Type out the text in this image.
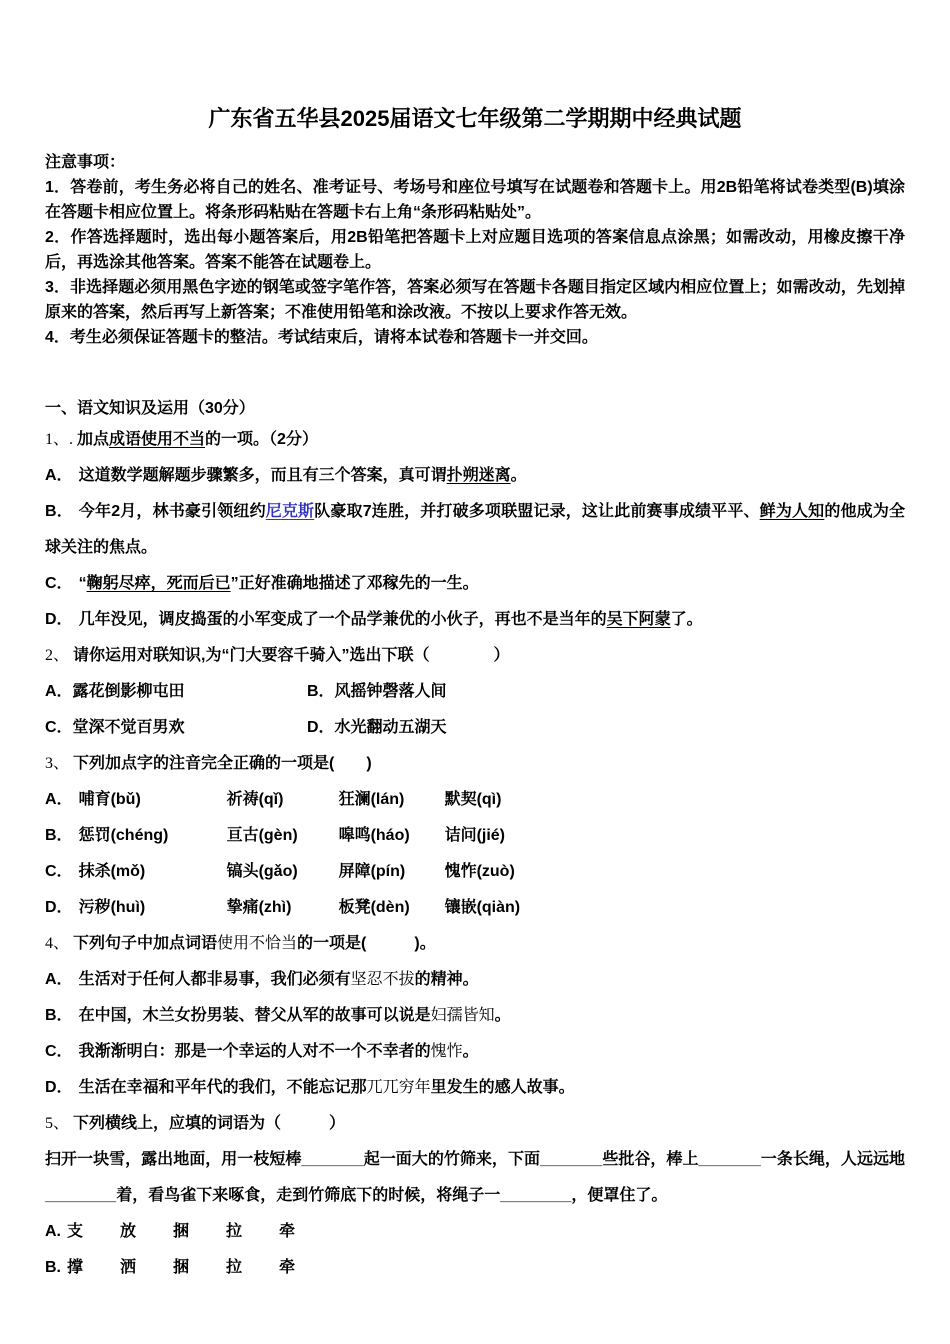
广东省五华县2025届语文七年级第二学期期中经典试题
注意事项：

1．答卷前，考生务必将自己的姓名、准考证号、考场号和座位号填写在试题卷和答题卡上。用2B铅笔将试卷类型(B)填涂在答题卡相应位置上。将条形码粘贴在答题卡右上角“条形码粘贴处”。

2．作答选择题时，选出每小题答案后，用2B铅笔把答题卡上对应题目选项的答案信息点涂黑；如需改动，用橡皮擦干净后，再选涂其他答案。答案不能答在试题卷上。

3．非选择题必须用黑色字迹的钢笔或签字笔作答，答案必须写在答题卡各题目指定区域内相应位置上；如需改动，先划掉原来的答案，然后再写上新答案；不准使用铅笔和涂改液。不按以上要求作答无效。

4．考生必须保证答题卡的整洁。考试结束后，请将本试卷和答题卡一并交回。

一、语文知识及运用（30分）

1、. 加点成语使用不当的一项。（2分）

A． 这道数学题解题步骤繁多，而且有三个答案，真可谓扑朔迷离。

B． 今年2月，林书豪引领纽约尼克斯队豪取7连胜，并打破多项联盟记录，这让此前赛事成绩平平、鲜为人知的他成为全球关注的焦点。

C． “鞠躬尽瘁，死而后已”正好准确地描述了邓稼先的一生。

D． 几年没见，调皮捣蛋的小军变成了一个品学兼优的小伙子，再也不是当年的吴下阿蒙了。

2、 请你运用对联知识,为“门大要容千骑入”选出下联（　　　　）

A．露花倒影柳屯田	B．风摇钟磬落人间

C．堂深不觉百男欢	D．水光翻动五湖天

3、 下列加点字的注音完全正确的一项是(　　)

A． 哺育(bǔ)	祈祷(qǐ)	狂澜(lán)	默契(qì)

B． 惩罚(chéng)	亘古(gèn)	嗥鸣(háo) 诘问(jié)

C． 抹杀(mǒ)	镐头(gǎo)	屏障(pín) 愧怍(zuò)

D． 污秽(huì)	挚痛(zhì)	板凳(dèn) 镶嵌(qiàn)

4、 下列句子中加点词语使用不恰当的一项是(　　　)。

A． 生活对于任何人都非易事，我们必须有坚忍不拔的精神。

B． 在中国，木兰女扮男装、替父从军的故事可以说是妇孺皆知。

C． 我渐渐明白：那是一个幸运的人对不一个不幸者的愧怍。

D． 生活在幸福和平年代的我们，不能忘记那兀兀穷年里发生的感人故事。

5、 下列横线上，应填的词语为（　　　）

扫开一块雪，露出地面，用一枝短棒_______起一面大的竹筛来，下面_______些批谷，棒上_______一条长绳，人远远地________着，看鸟雀下来啄食，走到竹筛底下的时候，将绳子一________，便罩住了。

A. 支 放 捆 拉 牵

B. 撑 洒 捆 拉 牵
